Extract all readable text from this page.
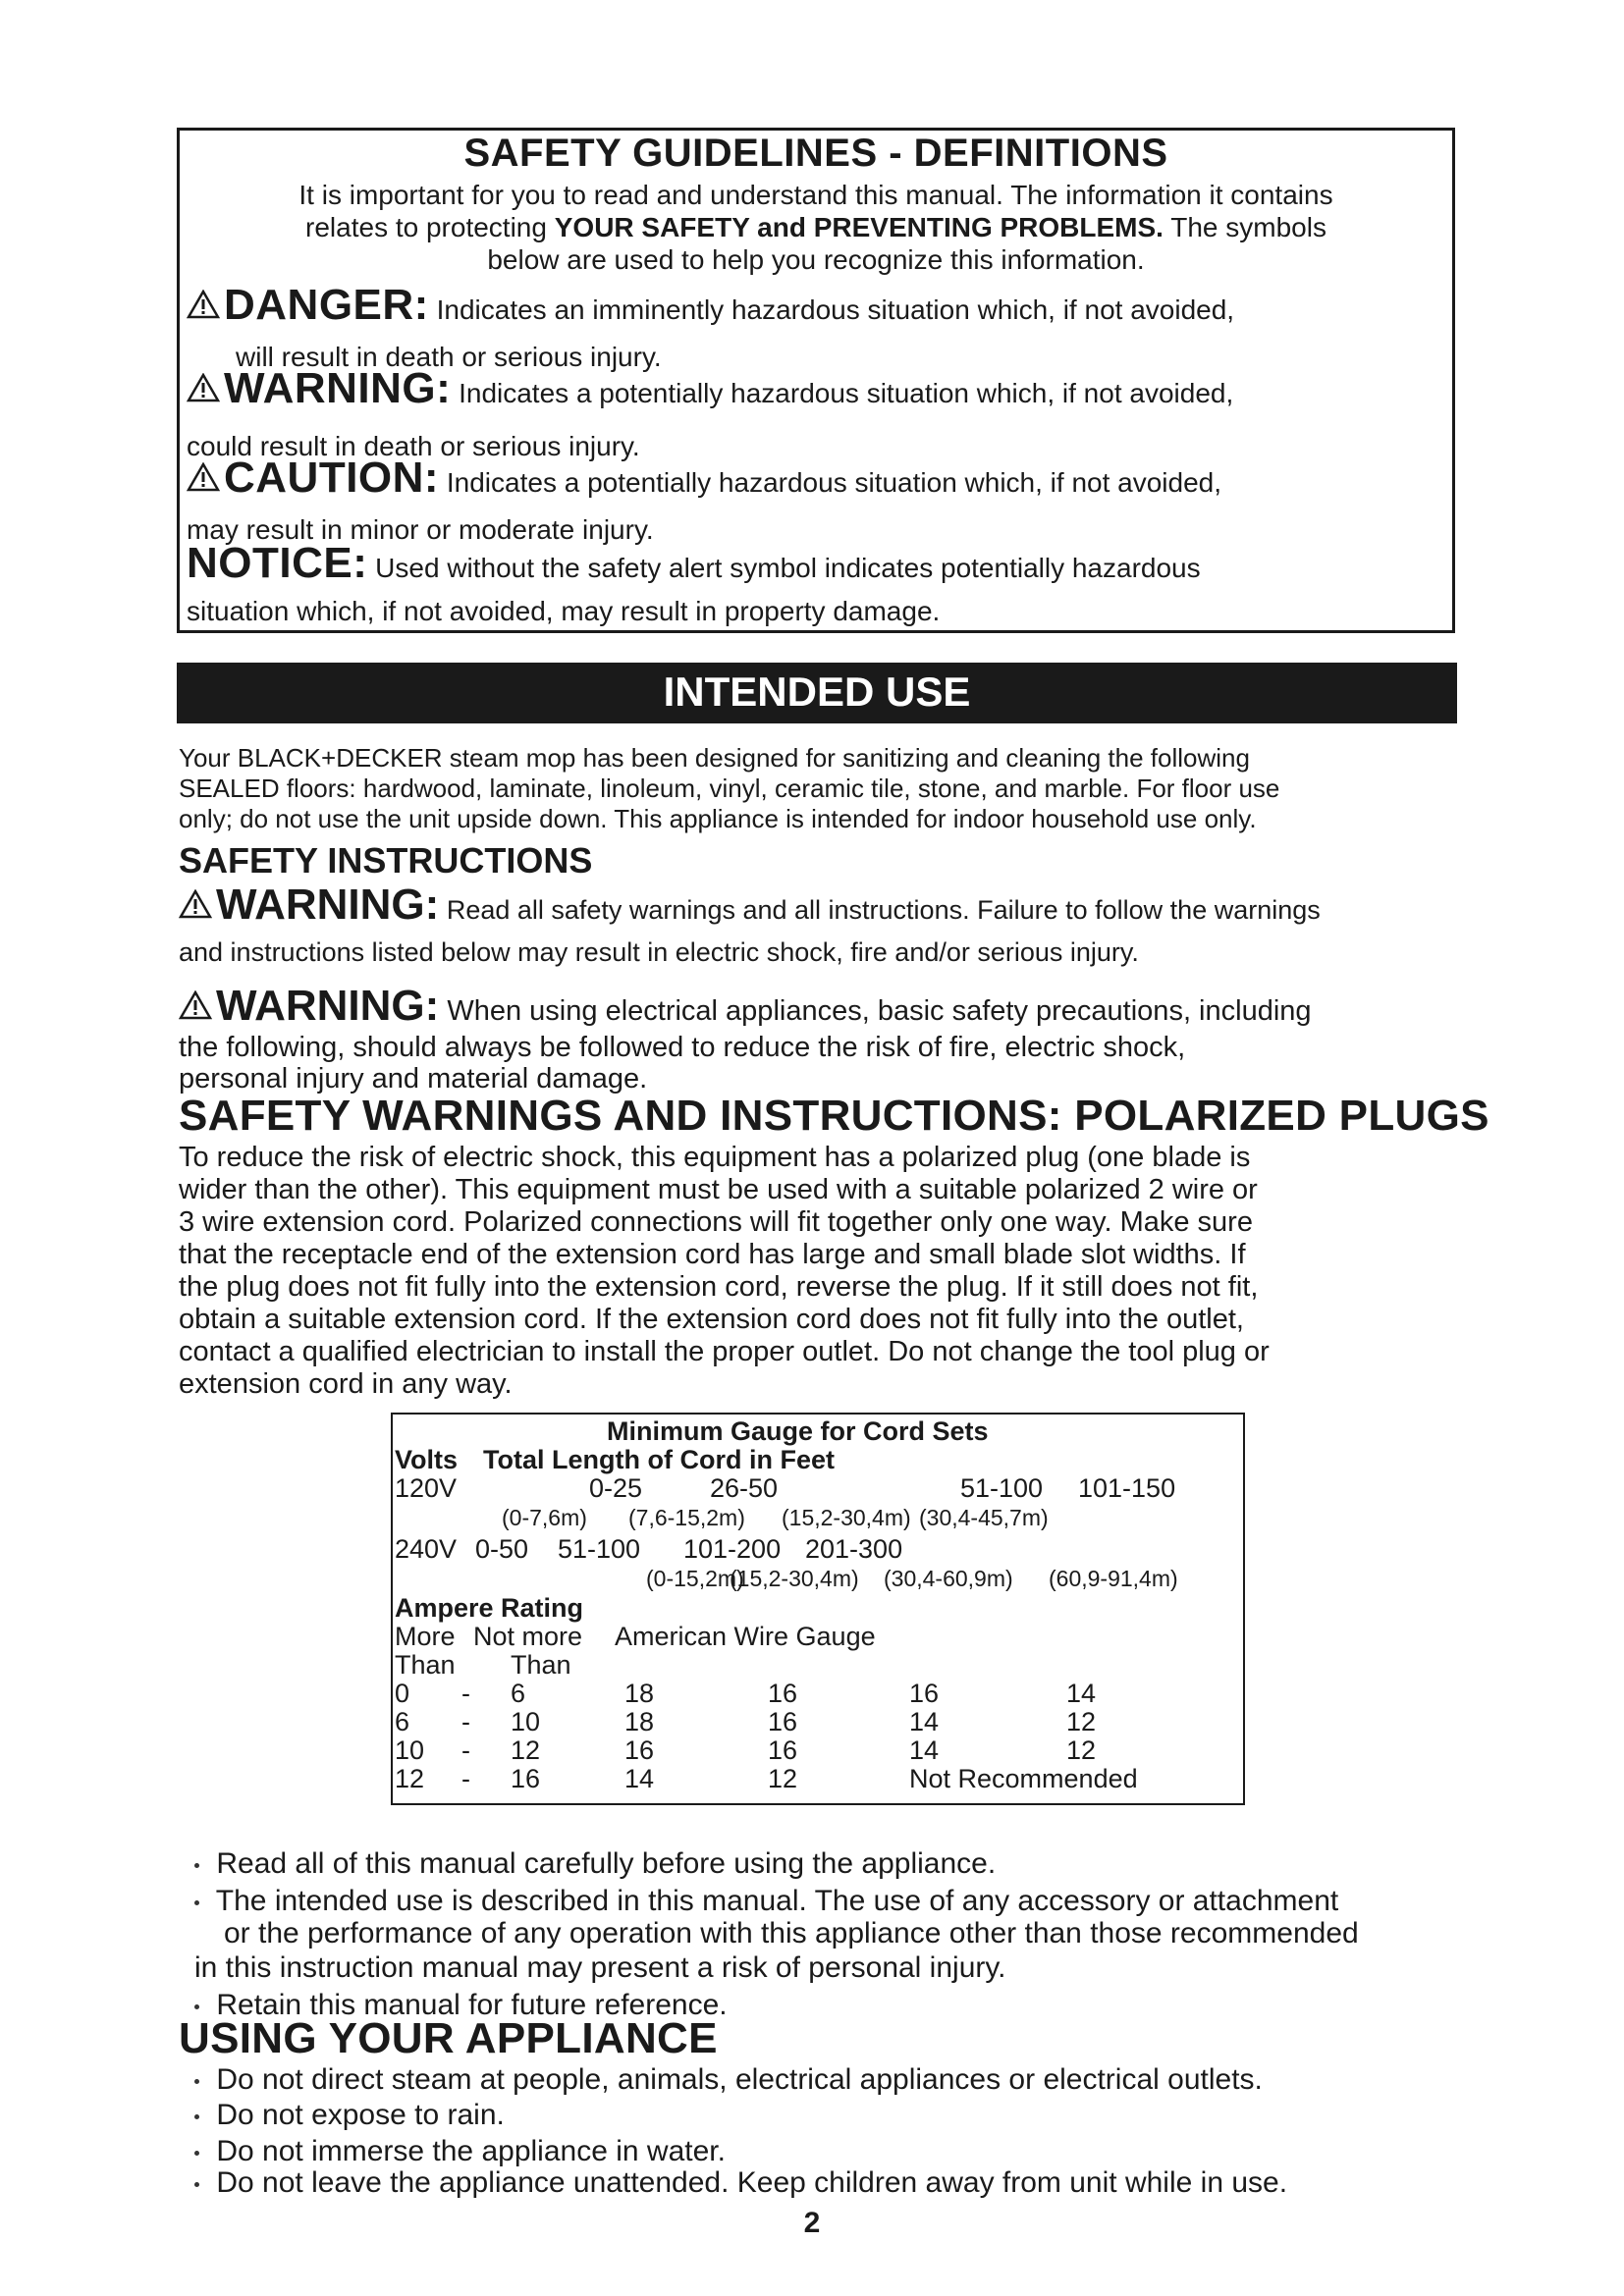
SAFETY GUIDELINES - DEFINITIONS
It is important for you to read and understand this manual. The information it contains
relates to protecting YOUR SAFETY and PREVENTING PROBLEMS. The symbols
below are used to help you recognize this information.
DANGER: Indicates an imminently hazardous situation which, if not avoided,
will result in death or serious injury.
WARNING: Indicates a potentially hazardous situation which, if not avoided,
could result in death or serious injury.
CAUTION: Indicates a potentially hazardous situation which, if not avoided,
may result in minor or moderate injury.
NOTICE: Used without the safety alert symbol indicates potentially hazardous
situation which, if not avoided, may result in property damage.
INTENDED USE
Your BLACK+DECKER steam mop has been designed for sanitizing and cleaning the following
SEALED floors: hardwood, laminate, linoleum, vinyl, ceramic tile, stone, and marble. For floor use
only; do not use the unit upside down. This appliance is intended for indoor household use only.
SAFETY INSTRUCTIONS
WARNING: Read all safety warnings and all instructions. Failure to follow the warnings
and instructions listed below may result in electric shock, fire and/or serious injury.
WARNING: When using electrical appliances, basic safety precautions, including
the following, should always be followed to reduce the risk of fire, electric shock,
personal injury and material damage.
SAFETY WARNINGS AND INSTRUCTIONS: POLARIZED PLUGS
To reduce the risk of electric shock, this equipment has a polarized plug (one blade is
wider than the other). This equipment must be used with a suitable polarized 2 wire or
3 wire extension cord. Polarized connections will fit together only one way. Make sure
that the receptacle end of the extension cord has large and small blade slot widths. If
the plug does not fit fully into the extension cord, reverse the plug. If it still does not fit,
obtain a suitable extension cord. If the extension cord does not fit fully into the outlet,
contact a qualified electrician to install the proper outlet. Do not change the tool plug or
extension cord in any way.
Minimum Gauge for Cord Sets
Volts Total Length of Cord in Feet
120V	0-25	26-50	51-100 101-150
(0-7,6m) (7,6-15,2m) (15,2-30,4m) (30,4-45,7m)
240V 0-50 51-100 101-200 201-300
(0-15,2m)
(15,2-30,4m) (30,4-60,9m) (60,9-91,4m)
Ampere Rating
More Not more American Wire Gauge
Than Than
0 - 6	18	16	16	14
6 - 10	18	16	14	12
10 - 12	16	16	14	12
12 - 16	14	12	Not Recommended
Read all of this manual carefully before using the appliance.
The intended use is described in this manual. The use of any accessory or attachment
or the performance of any operation with this appliance other than those recommended
in this instruction manual may present a risk of personal injury.
Retain this manual for future reference.
USING YOUR APPLIANCE
Do not direct steam at people, animals, electrical appliances or electrical outlets.
Do not expose to rain.
Do not immerse the appliance in water.
Do not leave the appliance unattended. Keep children away from unit while in use.
2
